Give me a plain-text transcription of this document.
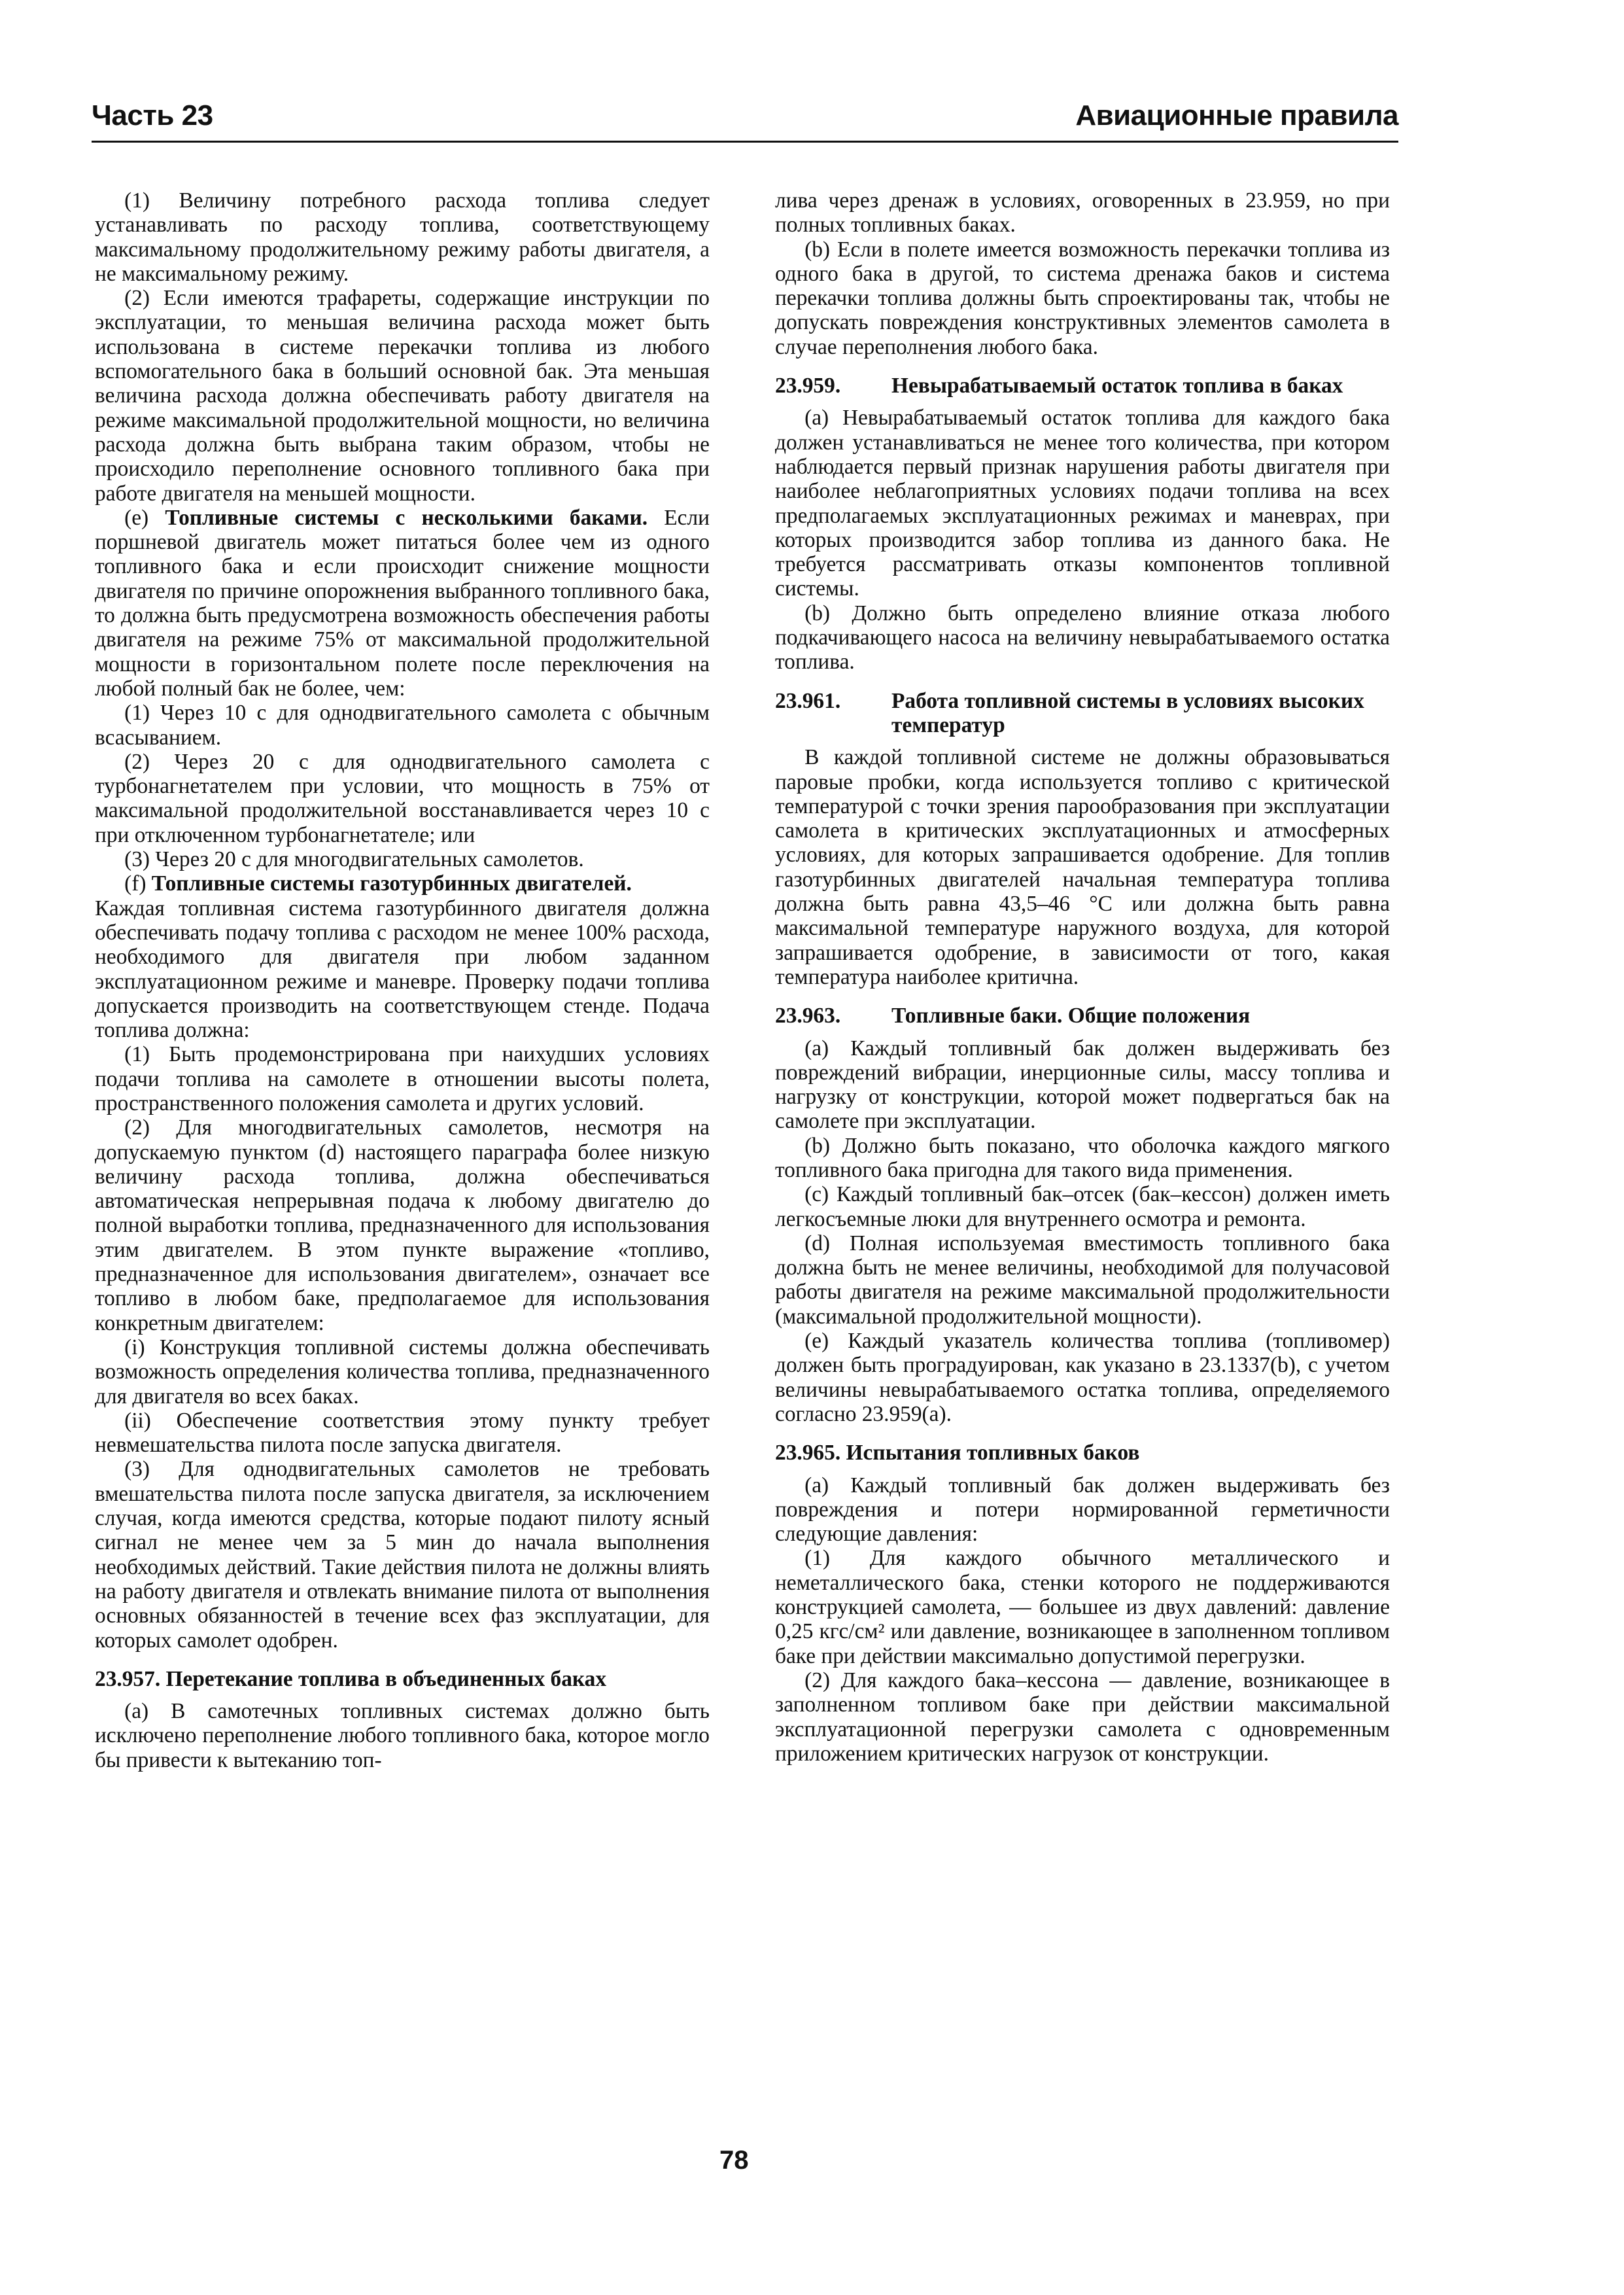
Часть 23	Авиационные правила

(1) Величину потребного расхода топлива следует устанавливать по расходу топлива, соответствующему максимальному продолжительному режиму работы двигателя, а не максимальному режиму.

(2) Если имеются трафареты, содержащие инструкции по эксплуатации, то меньшая величина расхода может быть использована в системе перекачки топлива из любого вспомогательного бака в больший основной бак. Эта меньшая величина расхода должна обеспечивать работу двигателя на режиме максимальной продолжительной мощности, но величина расхода должна быть выбрана таким образом, чтобы не происходило переполнение основного топливного бака при работе двигателя на меньшей мощности.

(e) Топливные системы с несколькими баками. Если поршневой двигатель может питаться более чем из одного топливного бака и если происходит снижение мощности двигателя по причине опорожнения выбранного топливного бака, то должна быть предусмотрена возможность обеспечения работы двигателя на режиме 75% от максимальной продолжительной мощности в горизонтальном полете после переключения на любой полный бак не более, чем:

(1) Через 10 с для однодвигательного самолета с обычным всасыванием.

(2) Через 20 с для однодвигательного самолета с турбонагнетателем при условии, что мощность в 75% от максимальной продолжительной восстанавливается через 10 с при отключенном турбонагнетателе; или

(3) Через 20 с для многодвигательных самолетов.

(f) Топливные системы газотурбинных двигателей.

Каждая топливная система газотурбинного двигателя должна обеспечивать подачу топлива с расходом не менее 100% расхода, необходимого для двигателя при любом заданном эксплуатационном режиме и маневре. Проверку подачи топлива допускается производить на соответствующем стенде. Подача топлива должна:

(1) Быть продемонстрирована при наихудших условиях подачи топлива на самолете в отношении высоты полета, пространственного положения самолета и других условий.

(2) Для многодвигательных самолетов, несмотря на допускаемую пунктом (d) настоящего параграфа более низкую величину расхода топлива, должна обеспечиваться автоматическая непрерывная подача к любому двигателю до полной выработки топлива, предназначенного для использования этим двигателем. В этом пункте выражение «топливо, предназначенное для использования двигателем», означает все топливо в любом баке, предполагаемое для использования конкретным двигателем:

(i) Конструкция топливной системы должна обеспечивать возможность определения количества топлива, предназначенного для двигателя во всех баках.

(ii) Обеспечение соответствия этому пункту требует невмешательства пилота после запуска двигателя.

(3) Для однодвигательных самолетов не требовать вмешательства пилота после запуска двигателя, за исключением случая, когда имеются средства, которые подают пилоту ясный сигнал не менее чем за 5 мин до начала выполнения необходимых действий. Такие действия пилота не должны влиять на работу двигателя и отвлекать внимание пилота от выполнения основных обязанностей в течение всех фаз эксплуатации, для которых самолет одобрен.

23.957. Перетекание топлива в объединенных баках

(a) В самотечных топливных системах должно быть исключено переполнение любого топливного бака, которое могло бы привести к вытеканию топ-

лива через дренаж в условиях, оговоренных в 23.959, но при полных топливных баках.

(b) Если в полете имеется возможность перекачки топлива из одного бака в другой, то система дренажа баков и система перекачки топлива должны быть спроектированы так, чтобы не допускать повреждения конструктивных элементов самолета в случае переполнения любого бака.

23.959.	Невырабатываемый остаток топлива в баках

(a) Невырабатываемый остаток топлива для каждого бака должен устанавливаться не менее того количества, при котором наблюдается первый признак нарушения работы двигателя при наиболее неблагоприятных условиях подачи топлива на всех предполагаемых эксплуатационных режимах и маневрах, при которых производится забор топлива из данного бака. Не требуется рассматривать отказы компонентов топливной системы.

(b) Должно быть определено влияние отказа любого подкачивающего насоса на величину невырабатываемого остатка топлива.

23.961.	Работа топливной системы в условиях высоких температур

В каждой топливной системе не должны образовываться паровые пробки, когда используется топливо с критической температурой с точки зрения парообразования при эксплуатации самолета в критических эксплуатационных и атмосферных условиях, для которых запрашивается одобрение. Для топлив газотурбинных двигателей начальная температура топлива должна быть равна 43,5–46 °С или должна быть равна максимальной температуре наружного воздуха, для которой запрашивается одобрение, в зависимости от того, какая температура наиболее критична.

23.963.	Топливные баки. Общие положения

(a) Каждый топливный бак должен выдерживать без повреждений вибрации, инерционные силы, массу топлива и нагрузку от конструкции, которой может подвергаться бак на самолете при эксплуатации.

(b) Должно быть показано, что оболочка каждого мягкого топливного бака пригодна для такого вида применения.

(c) Каждый топливный бак–отсек (бак–кессон) должен иметь легкосъемные люки для внутреннего осмотра и ремонта.

(d) Полная используемая вместимость топливного бака должна быть не менее величины, необходимой для получасовой работы двигателя на режиме максимальной продолжительности (максимальной продолжительной мощности).

(e) Каждый указатель количества топлива (топливомер) должен быть проградуирован, как указано в 23.1337(b), с учетом величины невырабатываемого остатка топлива, определяемого согласно 23.959(a).

23.965. Испытания топливных баков

(a) Каждый топливный бак должен выдерживать без повреждения и потери нормированной герметичности следующие давления:

(1) Для каждого обычного металлического и неметаллического бака, стенки которого не поддерживаются конструкцией самолета, — большее из двух давлений: давление 0,25 кгс/см² или давление, возникающее в заполненном топливом баке при действии максимально допустимой перегрузки.

(2) Для каждого бака–кессона — давление, возникающее в заполненном топливом баке при действии максимальной эксплуатационной перегрузки самолета с одновременным приложением критических нагрузок от конструкции.

78
